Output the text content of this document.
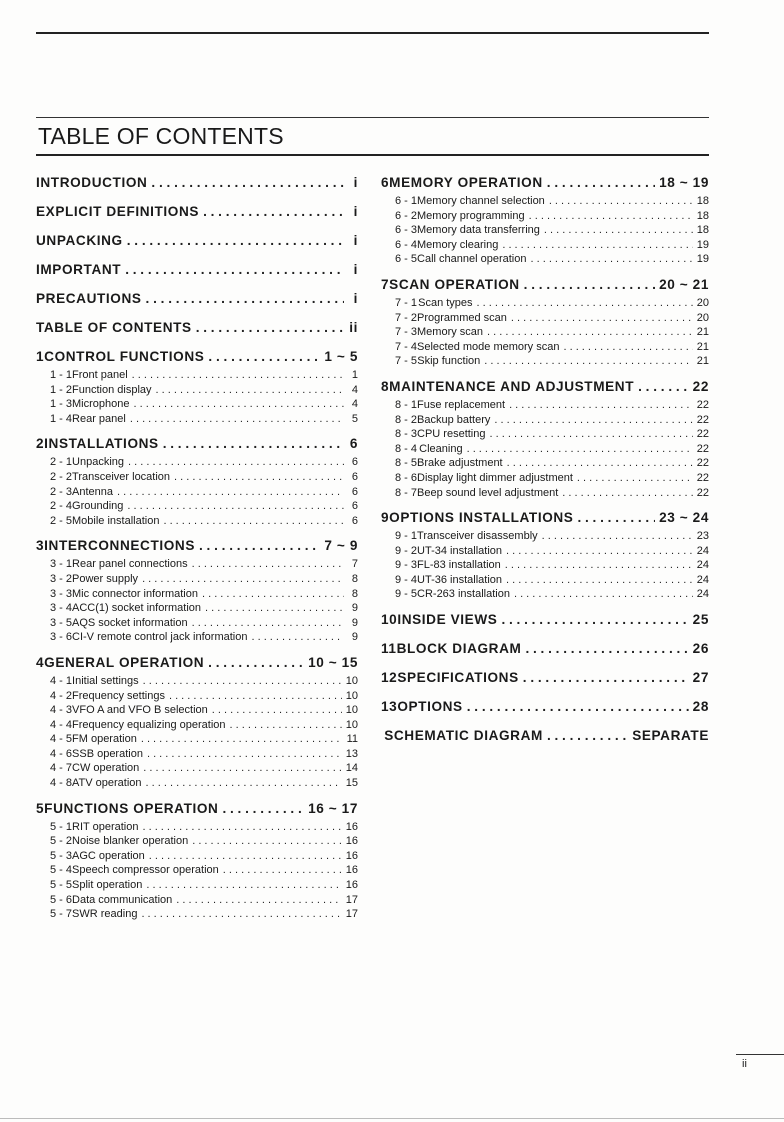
TABLE OF CONTENTS
INTRODUCTION . . .	i
EXPLICIT DEFINITIONS . . .	i
UNPACKING . . .	i
IMPORTANT . . .	i
PRECAUTIONS . . .	i
TABLE OF CONTENTS . . .	ii
1 CONTROL FUNCTIONS . . .	1 ~ 5
1 - 1 Front panel . . .	1
1 - 2 Function display . . .	4
1 - 3 Microphone . . .	4
1 - 4 Rear panel . . .	5
2 INSTALLATIONS . . .	6
2 - 1 Unpacking . . .	6
2 - 2 Transceiver location . . .	6
2 - 3 Antenna . . .	6
2 - 4 Grounding . . .	6
2 - 5 Mobile installation . . .	6
3 INTERCONNECTIONS . . .	7 ~ 9
3 - 1 Rear panel connections . . .	7
3 - 2 Power supply . . .	8
3 - 3 Mic connector information . . .	8
3 - 4 ACC(1) socket information . . .	9
3 - 5 AQS socket information . . .	9
3 - 6 CI-V remote control jack information . . .	9
4 GENERAL OPERATION . . .	10 ~ 15
4 - 1 Initial settings . . .	10
4 - 2 Frequency settings . . .	10
4 - 3 VFO A and VFO B selection . . .	10
4 - 4 Frequency equalizing operation . . .	10
4 - 5 FM operation . . .	11
4 - 6 SSB operation . . .	13
4 - 7 CW operation . . .	14
4 - 8 ATV operation . . .	15
5 FUNCTIONS OPERATION . . .	16 ~ 17
5 - 1 RIT operation . . .	16
5 - 2 Noise blanker operation . . .	16
5 - 3 AGC operation . . .	16
5 - 4 Speech compressor operation . . .	16
5 - 5 Split operation . . .	16
5 - 6 Data communication . . .	17
5 - 7 SWR reading . . .	17
6 MEMORY OPERATION . . .	18 ~ 19
6 - 1 Memory channel selection . . .	18
6 - 2 Memory programming . . .	18
6 - 3 Memory data transferring . . .	18
6 - 4 Memory clearing . . .	19
6 - 5 Call channel operation . . .	19
7 SCAN OPERATION . . .	20 ~ 21
7 - 1 Scan types . . .	20
7 - 2 Programmed scan . . .	20
7 - 3 Memory scan . . .	21
7 - 4 Selected mode memory scan . . .	21
7 - 5 Skip function . . .	21
8 MAINTENANCE AND ADJUSTMENT . . .	22
8 - 1 Fuse replacement . . .	22
8 - 2 Backup battery . . .	22
8 - 3 CPU resetting . . .	22
8 - 4 Cleaning . . .	22
8 - 5 Brake adjustment . . .	22
8 - 6 Display light dimmer adjustment . . .	22
8 - 7 Beep sound level adjustment . . .	22
9 OPTIONS INSTALLATIONS . . .	23 ~ 24
9 - 1 Transceiver disassembly . . .	23
9 - 2 UT-34 installation . . .	24
9 - 3 FL-83 installation . . .	24
9 - 4 UT-36 installation . . .	24
9 - 5 CR-263 installation . . .	24
10 INSIDE VIEWS . . .	25
11 BLOCK DIAGRAM . . .	26
12 SPECIFICATIONS . . .	27
13 OPTIONS . . .	28
SCHEMATIC DIAGRAM . . .	SEPARATE
ii
